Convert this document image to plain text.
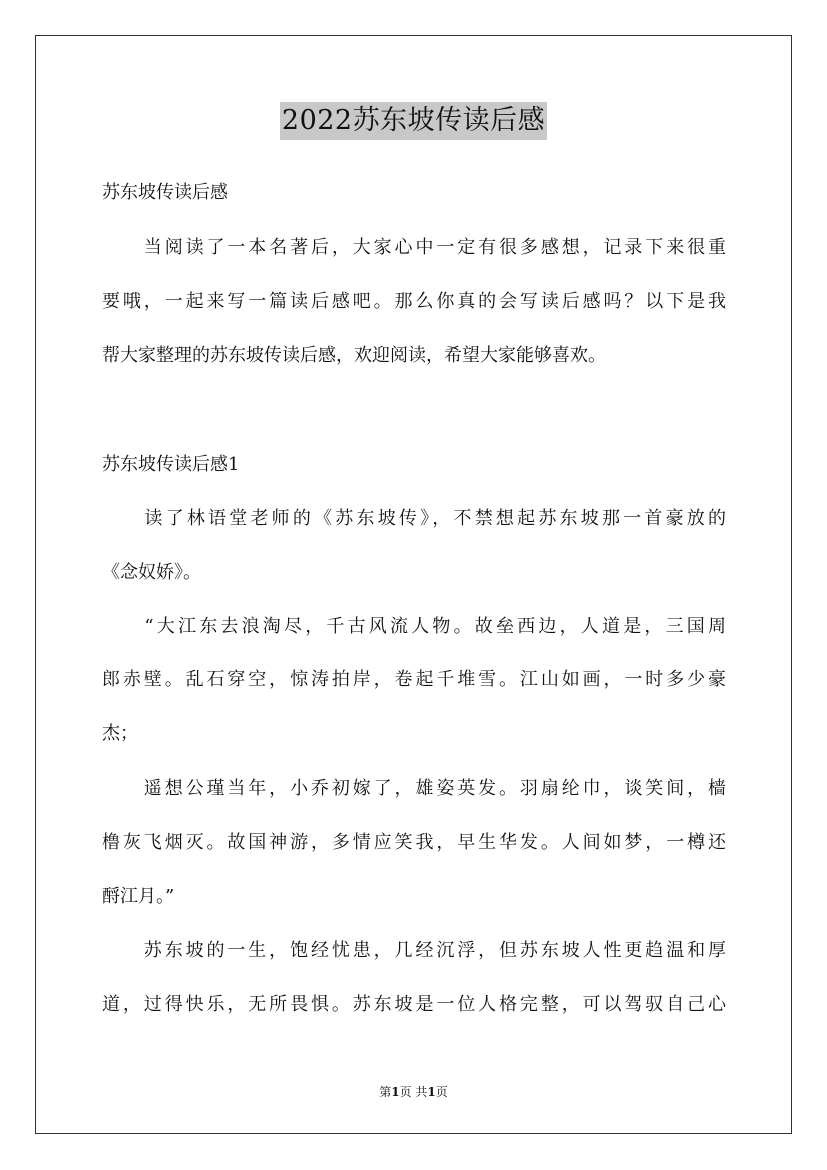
2022苏东坡传读后感
苏东坡传读后感
　　当阅读了一本名著后，大家心中一定有很多感想，记录下来很重
要哦，一起来写一篇读后感吧。那么你真的会写读后感吗？以下是我
帮大家整理的苏东坡传读后感，欢迎阅读，希望大家能够喜欢。
苏东坡传读后感1
　　读了林语堂老师的《苏东坡传》，不禁想起苏东坡那一首豪放的
《念奴娇》。
　　“大江东去浪淘尽，千古风流人物。故垒西边，人道是，三国周
郎赤壁。乱石穿空，惊涛拍岸，卷起千堆雪。江山如画，一时多少豪
杰；
　　遥想公瑾当年，小乔初嫁了，雄姿英发。羽扇纶巾，谈笑间，樯
橹灰飞烟灭。故国神游，多情应笑我，早生华发。人间如梦，一樽还
酹江月。”
　　苏东坡的一生，饱经忧患，几经沉浮，但苏东坡人性更趋温和厚
道，过得快乐，无所畏惧。苏东坡是一位人格完整，可以驾驭自己心
第1页 共1页
